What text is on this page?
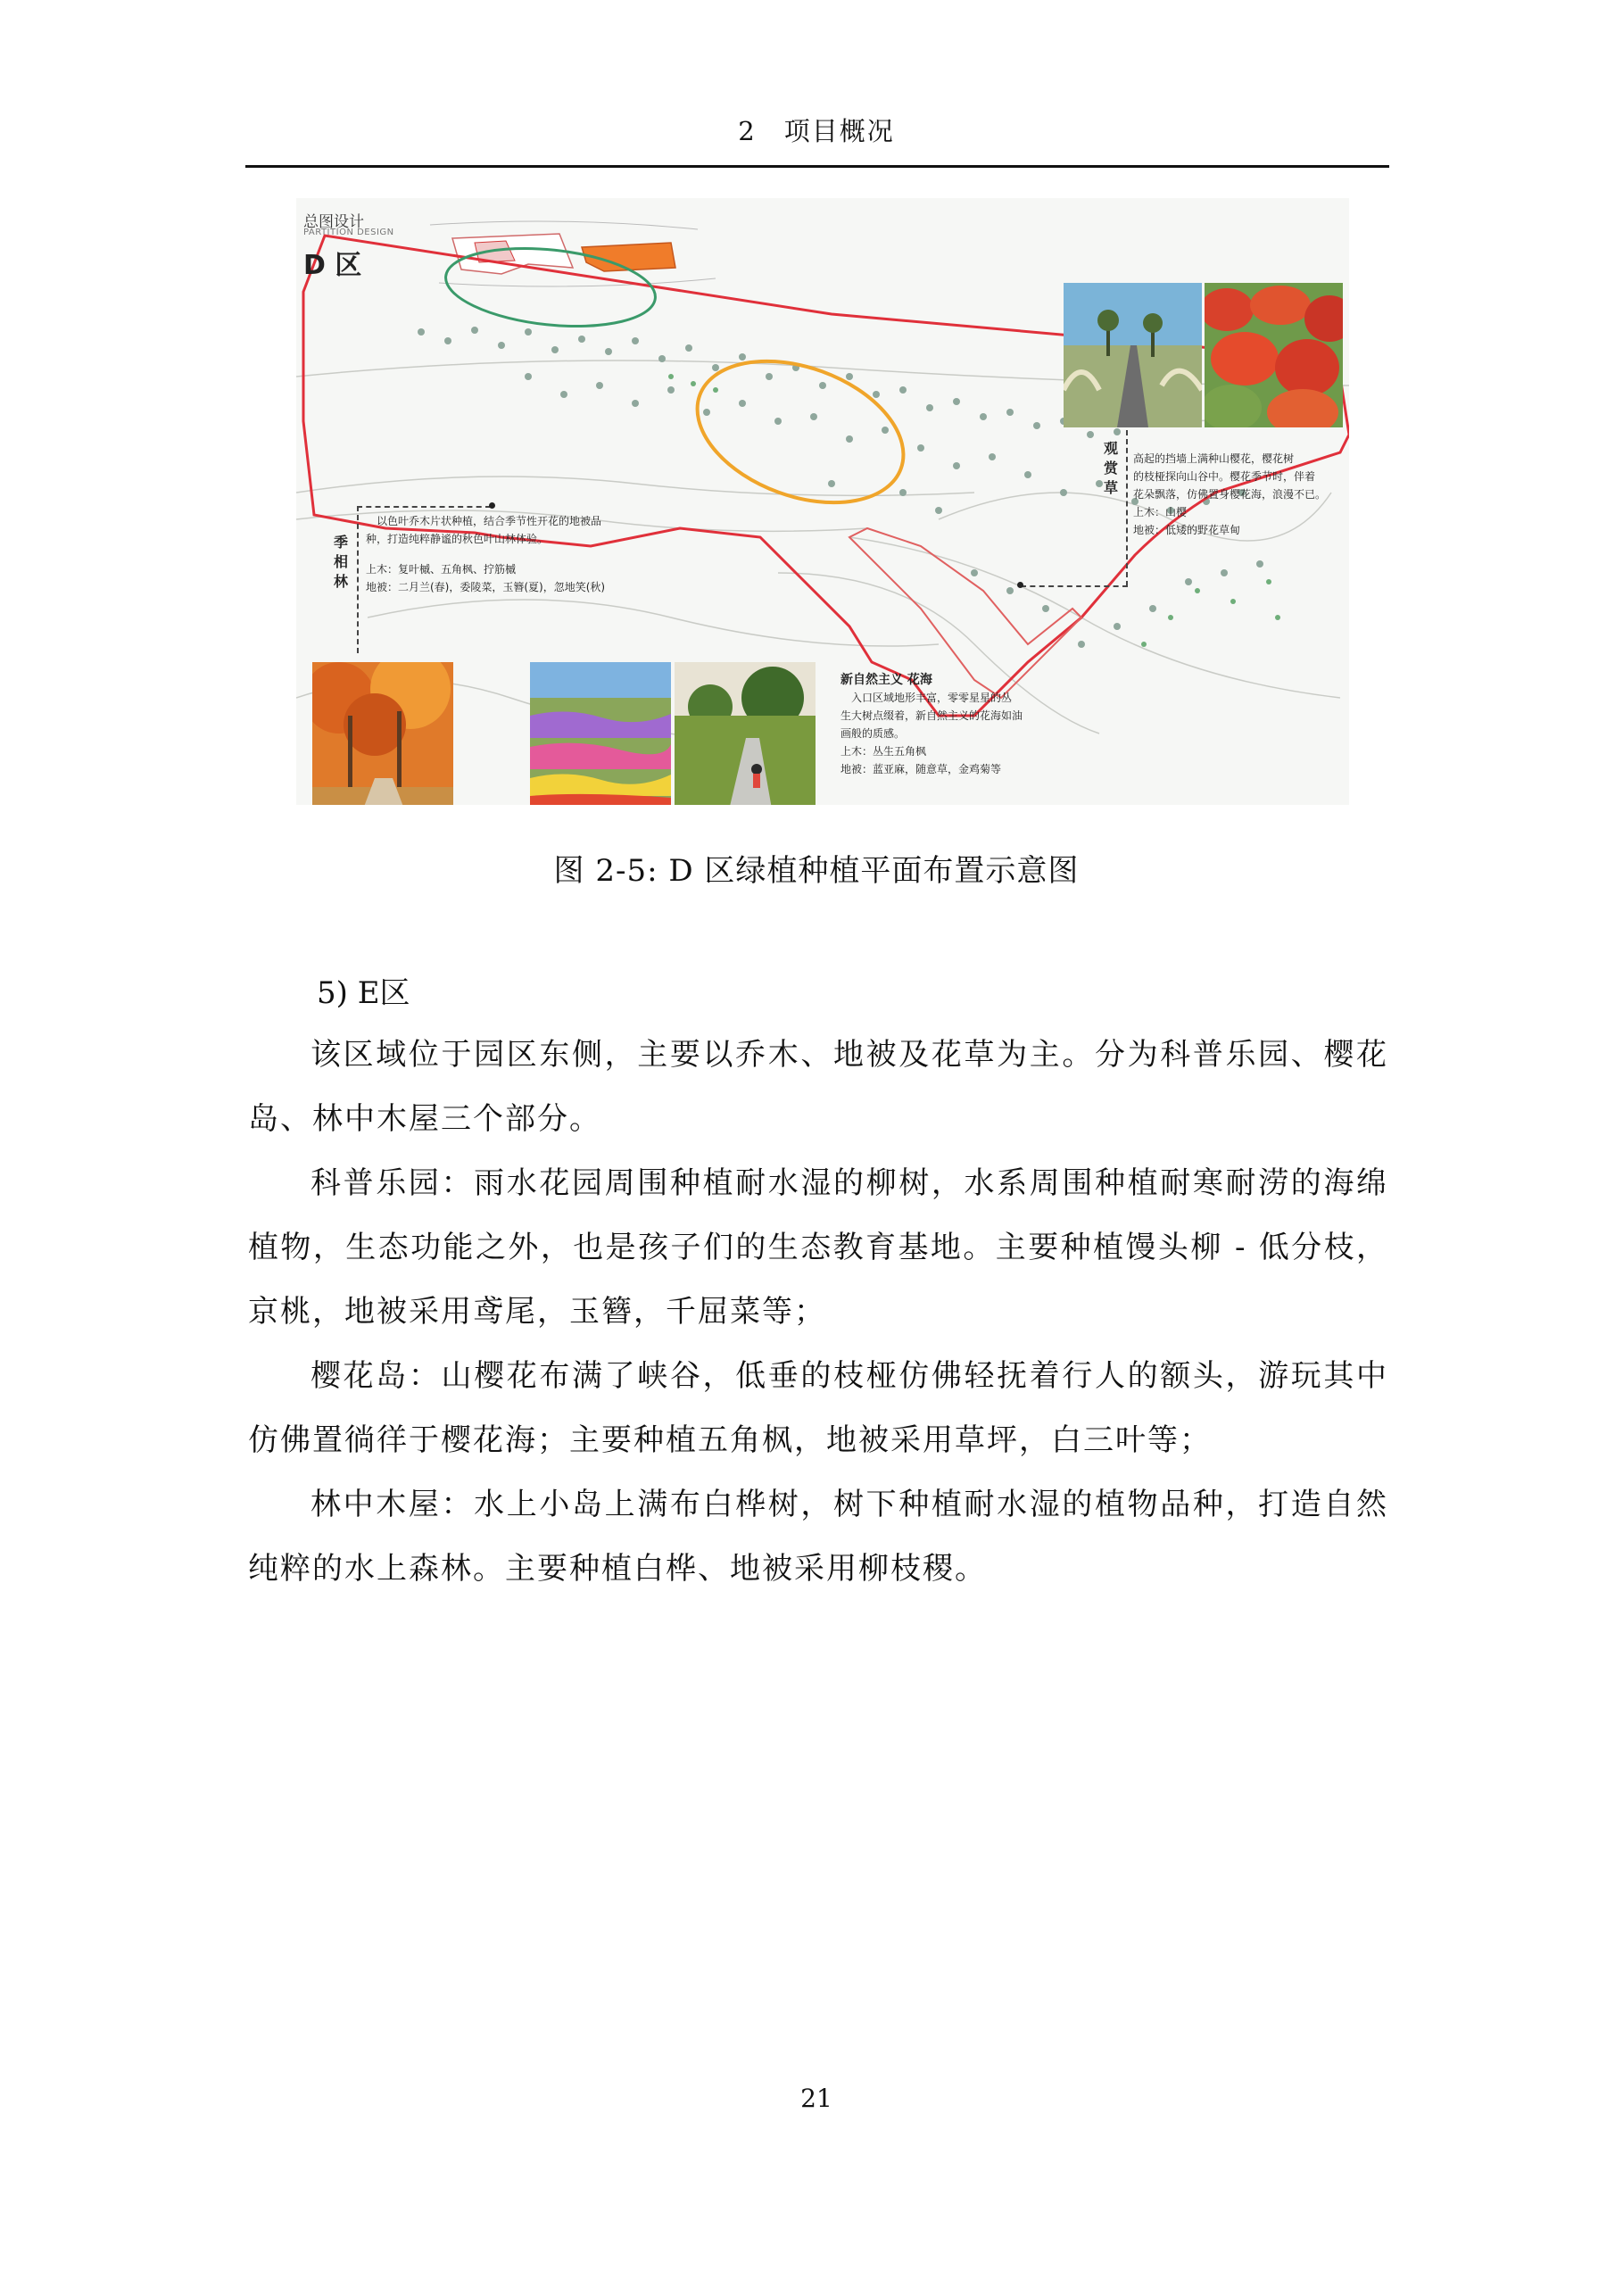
2　项目概况
总图设计
PARTITION DESIGN
D 区
观赏草

高起的挡墙上满种山樱花，樱花树

的枝桠探向山谷中。樱花季节时，伴着

花朵飘落，仿佛置身樱花海，浪漫不已。

上木：山樱

地被：低矮的野花草甸

季相林

以色叶乔木片状种植，结合季节性开花的地被品

种，打造纯粹静谧的秋色叶山林体验。

上木：复叶槭、五角枫、拧筋槭

地被：二月兰(春)，委陵菜，玉簪(夏)，忽地笑(秋)

新自然主义 花海

入口区域地形丰富，零零星星的丛

生大树点缀着，新自然主义的花海如油

画般的质感。

上木：丛生五角枫

地被：蓝亚麻，随意草，金鸡菊等

图 2-5: D 区绿植种植平面布置示意图
5) E区

该区域位于园区东侧，主要以乔木、地被及花草为主。分为科普乐园、樱花岛、林中木屋三个部分。

科普乐园：雨水花园周围种植耐水湿的柳树，水系周围种植耐寒耐涝的海绵植物，生态功能之外，也是孩子们的生态教育基地。主要种植馒头柳 - 低分枝，京桃，地被采用鸢尾，玉簪，千屈菜等；

樱花岛：山樱花布满了峡谷，低垂的枝桠仿佛轻抚着行人的额头，游玩其中仿佛置徜徉于樱花海；主要种植五角枫，地被采用草坪，白三叶等；

林中木屋：水上小岛上满布白桦树，树下种植耐水湿的植物品种，打造自然纯粹的水上森林。主要种植白桦、地被采用柳枝稷。

21
